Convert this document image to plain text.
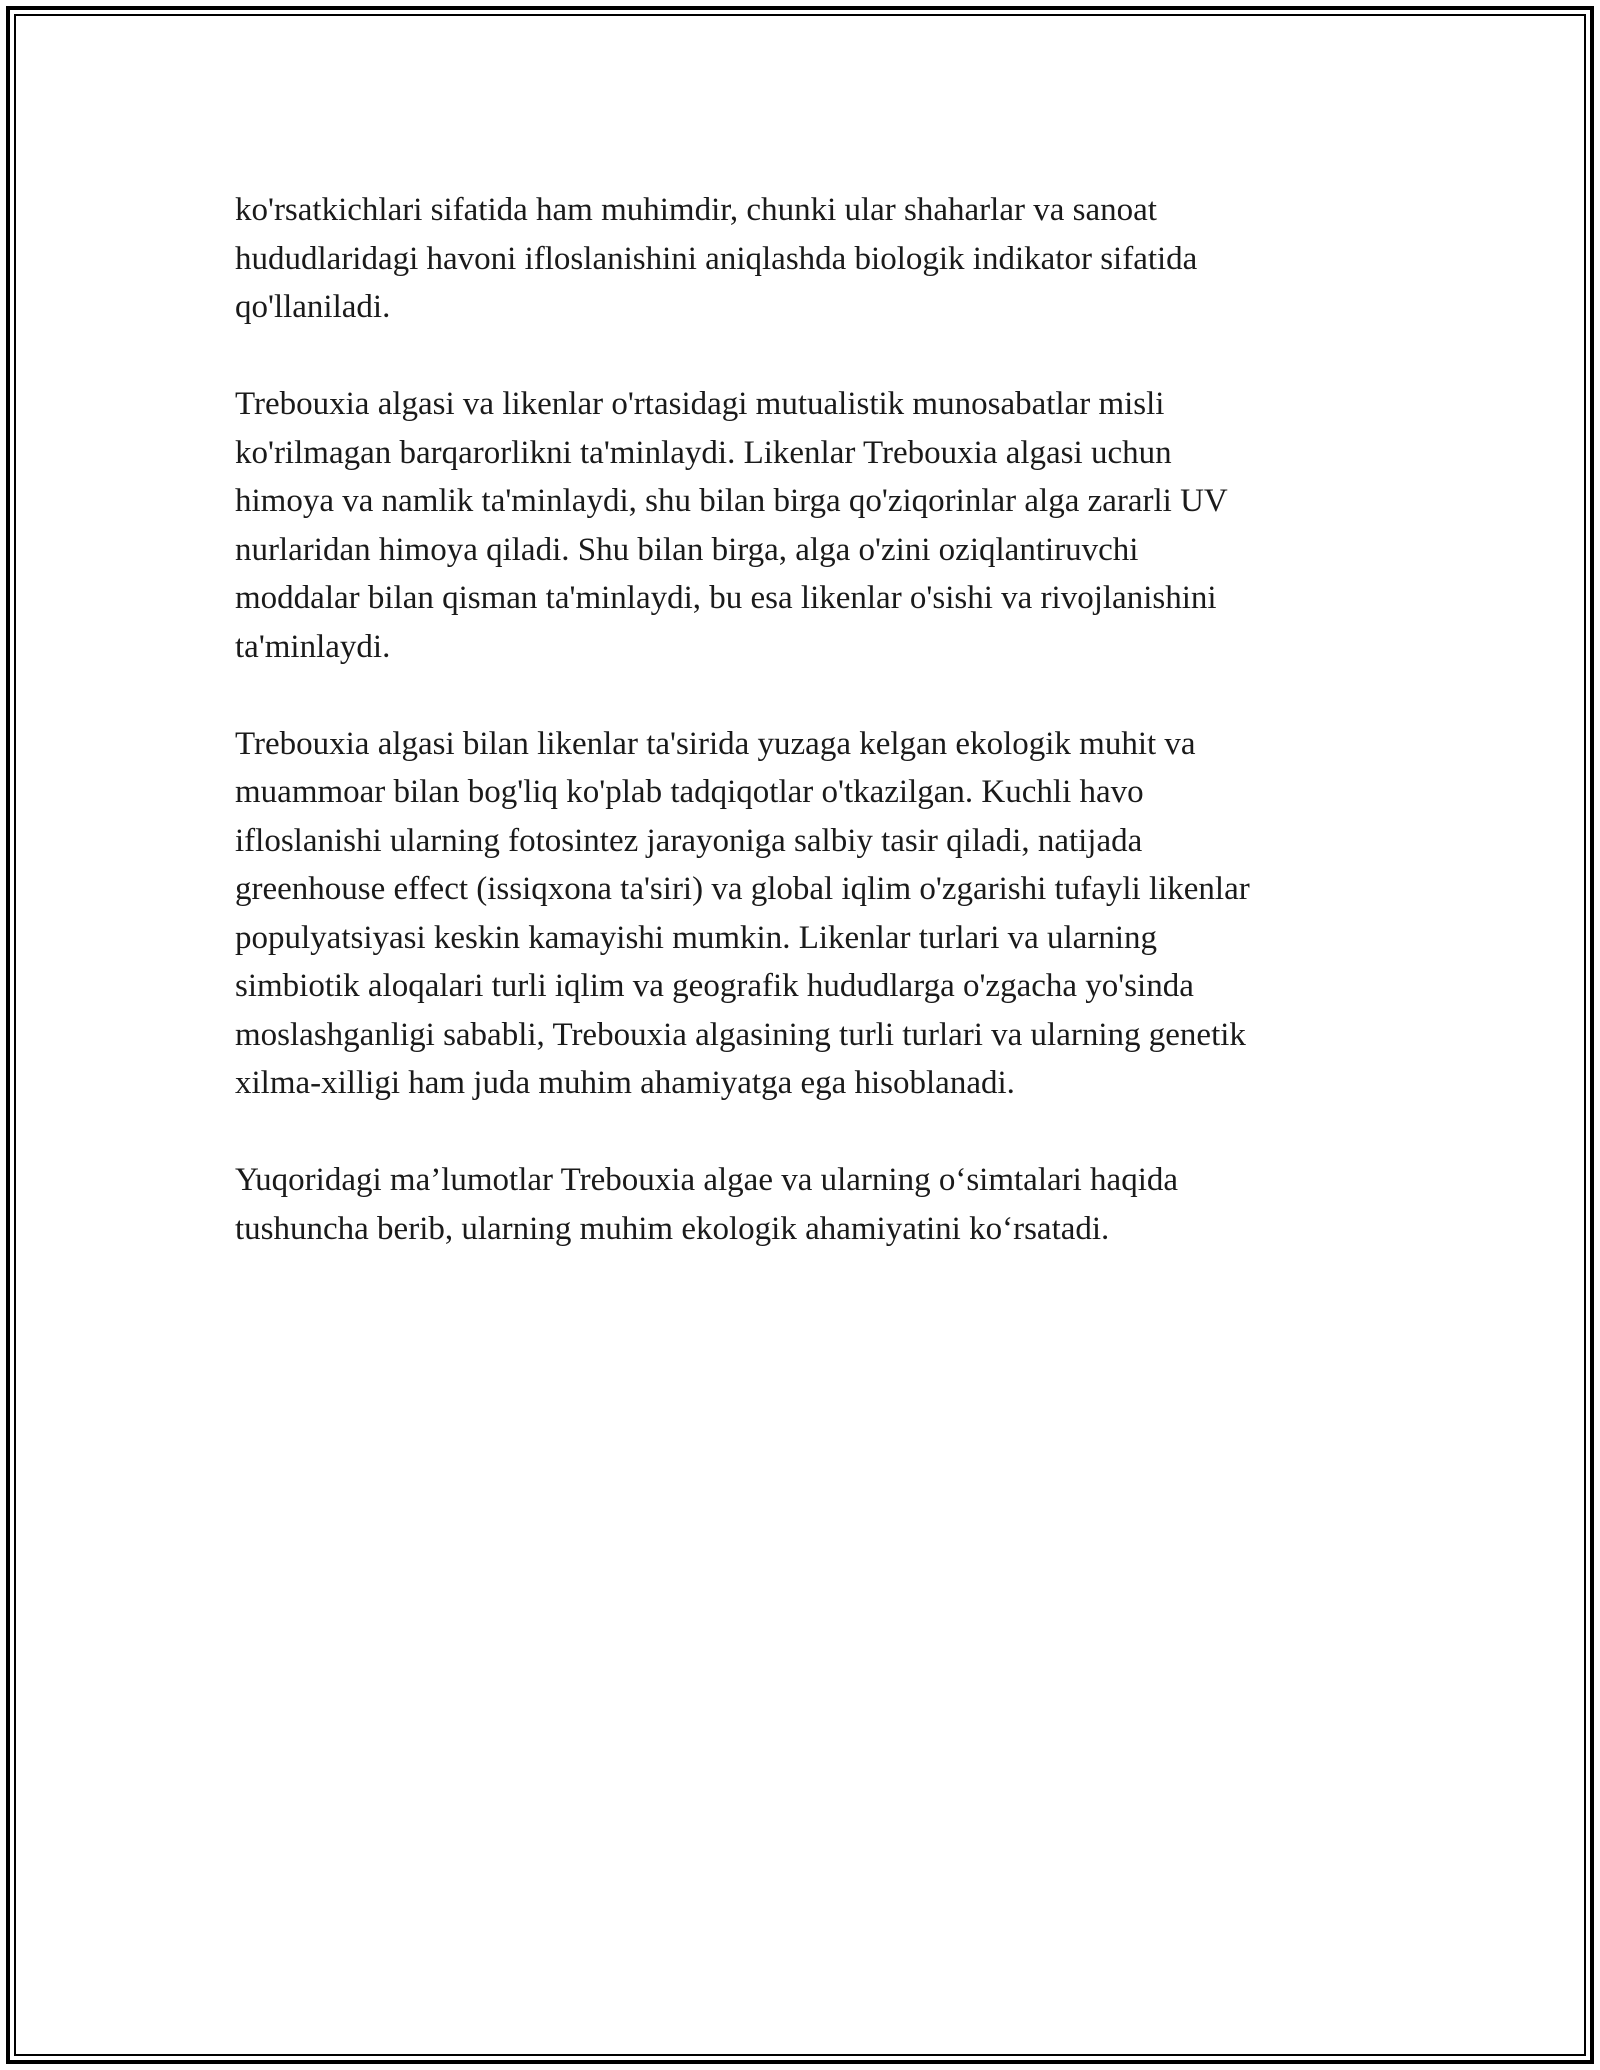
ko'rsatkichlari sifatida ham muhimdir, chunki ular shaharlar va sanoat
hududlaridagi havoni ifloslanishini aniqlashda biologik indikator sifatida
qo'llaniladi.

Trebouxia algasi va likenlar o'rtasidagi mutualistik munosabatlar misli
ko'rilmagan barqarorlikni ta'minlaydi. Likenlar Trebouxia algasi uchun
himoya va namlik ta'minlaydi, shu bilan birga qo'ziqorinlar alga zararli UV
nurlaridan himoya qiladi. Shu bilan birga, alga o'zini oziqlantiruvchi
moddalar bilan qisman ta'minlaydi, bu esa likenlar o'sishi va rivojlanishini
ta'minlaydi.

Trebouxia algasi bilan likenlar ta'sirida yuzaga kelgan ekologik muhit va
muammoar bilan bog'liq ko'plab tadqiqotlar o'tkazilgan. Kuchli havo
ifloslanishi ularning fotosintez jarayoniga salbiy tasir qiladi, natijada
greenhouse effect (issiqxona ta'siri) va global iqlim o'zgarishi tufayli likenlar
populyatsiyasi keskin kamayishi mumkin. Likenlar turlari va ularning
simbiotik aloqalari turli iqlim va geografik hududlarga o'zgacha yo'sinda
moslashganligi sababli, Trebouxia algasining turli turlari va ularning genetik
xilma-xilligi ham juda muhim ahamiyatga ega hisoblanadi.

Yuqoridagi ma’lumotlar Trebouxia algae va ularning o‘simtalari haqida
tushuncha berib, ularning muhim ekologik ahamiyatini ko‘rsatadi.
